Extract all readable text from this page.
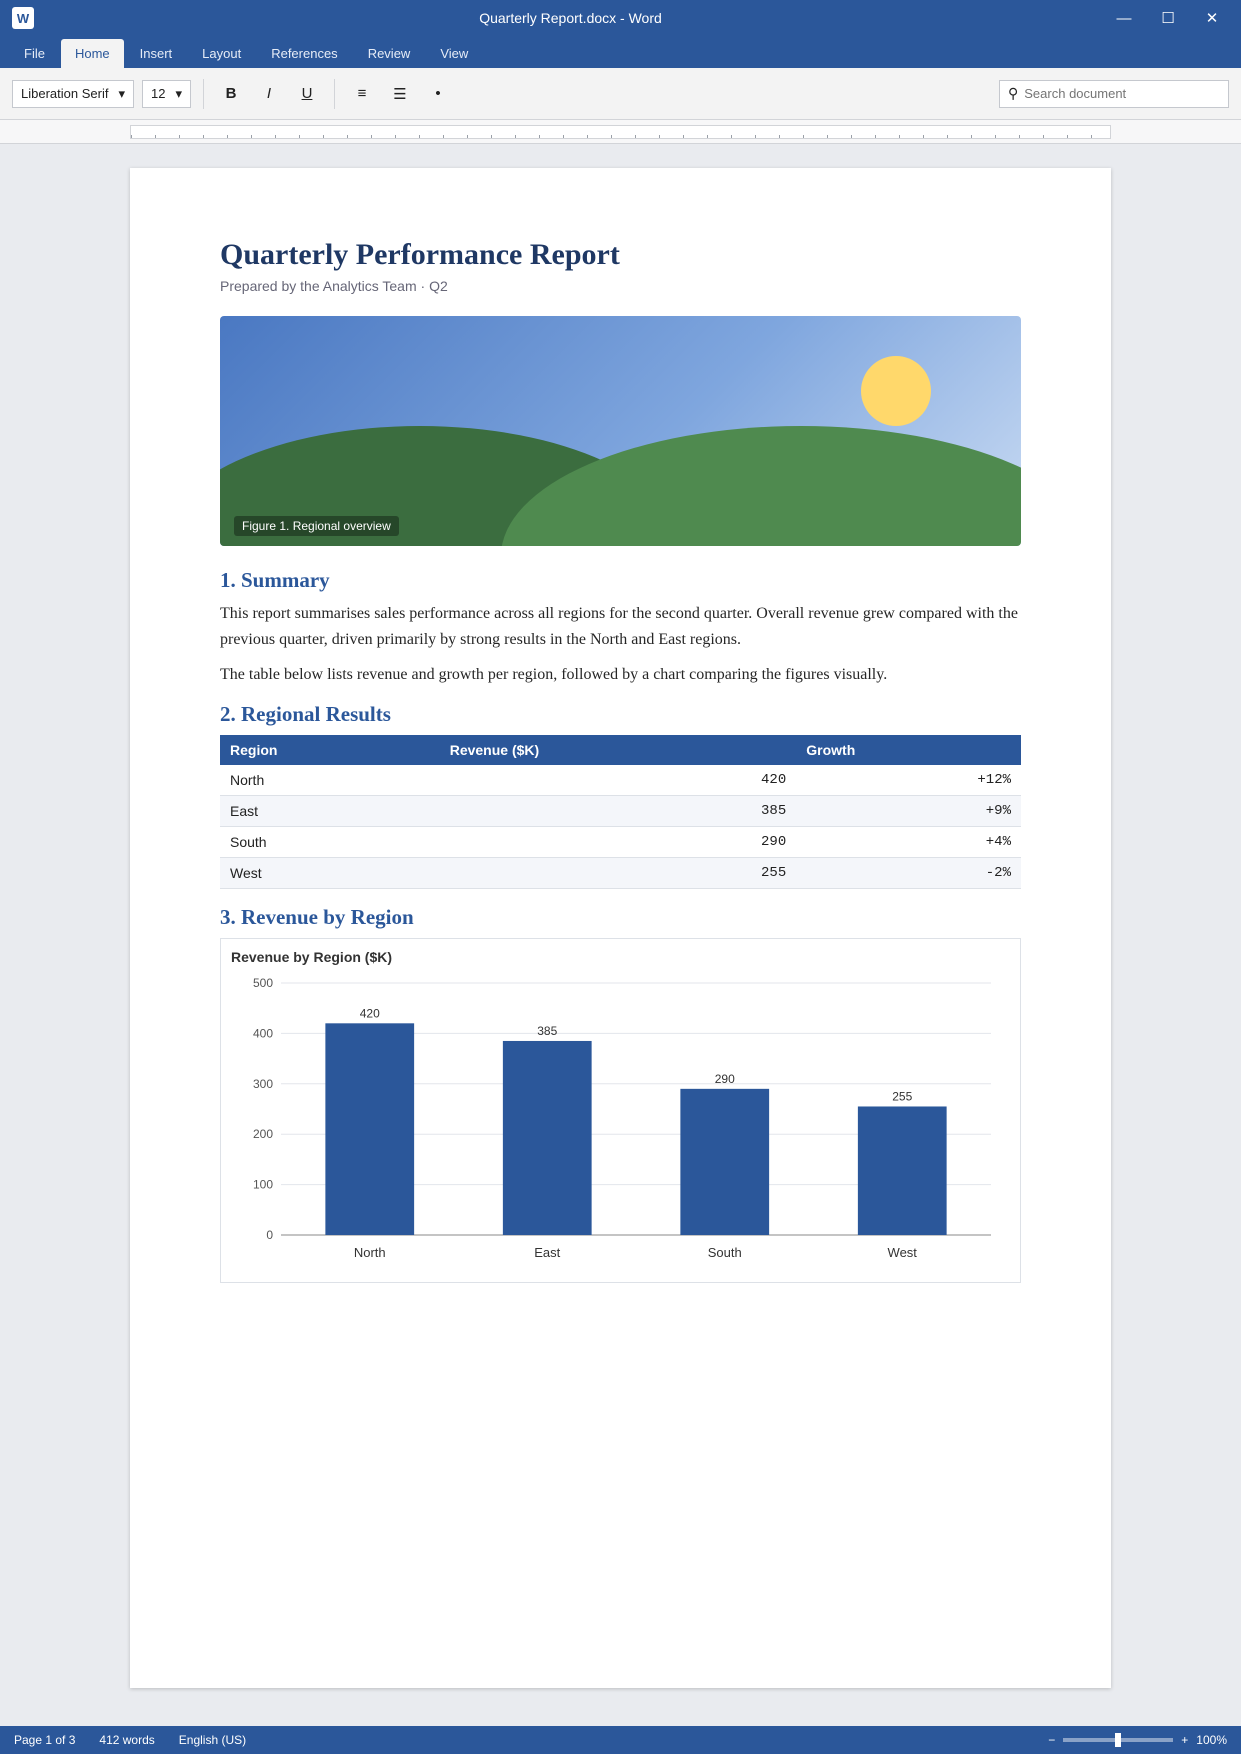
W	Quarterly Report.docx - Word	—	☐	✕
File	Home	Insert	Layout	References	Review	View
Liberation Serif ▾ 12 ▾	B I U	≡	☰	•	⚲
Search document
Quarterly Performance Report
Prepared by the Analytics Team · Q2
Figure 1. Regional overview
1. Summary

This report summarises sales performance across all regions for the second quarter. Overall revenue grew compared with the previous quarter, driven primarily by strong results in the North and East regions.

The table below lists revenue and growth per region, followed by a chart comparing the figures visually.

2. Regional Results
Region	Revenue ($K)	Growth
North	420	+12%
East	385	+9%
South	290	+4%
West	255	-2%
3. Revenue by Region
Revenue by Region ($K)
0
100
200
300
400
500
420
North
385
East
290
South
255
West
Page 1 of 3 412 words English (US)	−	+ 100%
